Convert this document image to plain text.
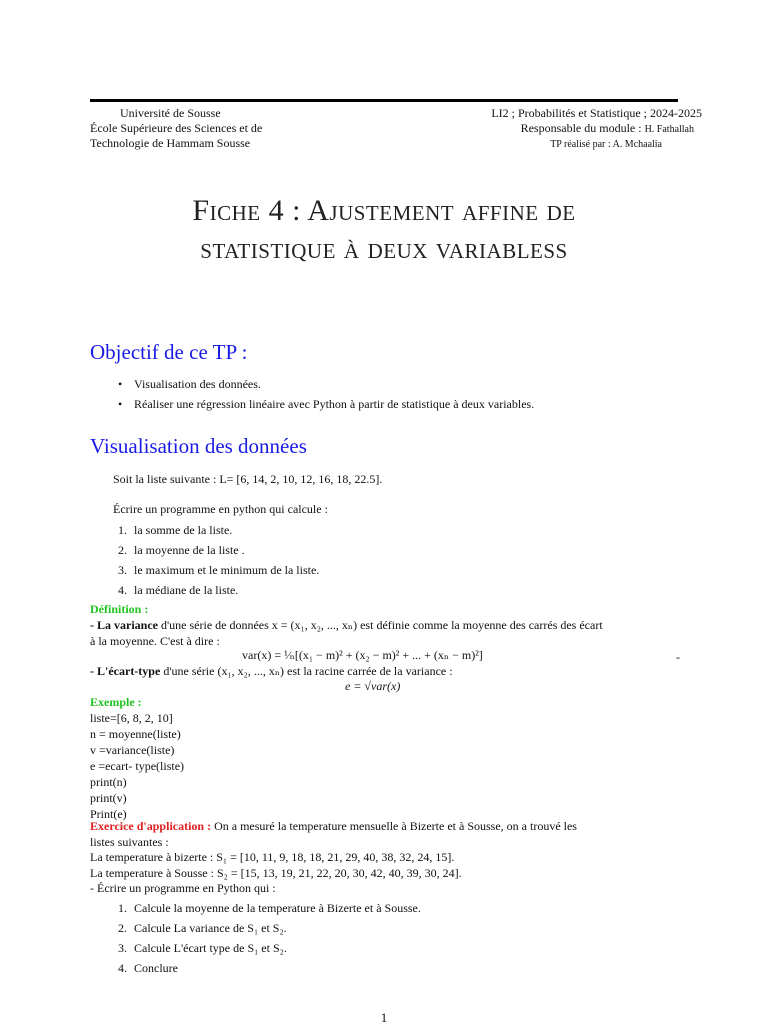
Université de Sousse
École Supérieure des Sciences et de
Technologie de Hammam Sousse
LI2 ; Probabilités et Statistique ; 2024-2025
Responsable du module : H. Fathallah
TP réalisé par : A. Mchaalia
Fiche 4 : Ajustement affine de
statistique à deux variabless
Objectif de ce TP :
• Visualisation des données.
• Réaliser une régression linéaire avec Python à partir de statistique à deux variables.
Visualisation des données
Soit la liste suivante : L= [6, 14, 2, 10, 12, 16, 18, 22.5].
Écrire un programme en python qui calcule :
1. la somme de la liste.
2. la moyenne de la liste .
3. le maximum et le minimum de la liste.
4. la médiane de la liste.
Définition :
- La variance d'une série de données x = (x₁, x₂, ..., xₙ) est définie comme la moyenne des carrés des écart
à la moyenne. C'est à dire :
var(x) = ¹⁄ₙ[(x₁ − m)² + (x₂ − m)² + ... + (xₙ − m)²]	-
- L'écart-type d'une série (x₁, x₂, ..., xₙ) est la racine carrée de la variance :
e = √var(x)
Exemple :
liste=[6, 8, 2, 10]
n = moyenne(liste)
v =variance(liste)
e =ecart- type(liste)
print(n)
print(v)
Print(e)
Exercice d'application : On a mesuré la temperature mensuelle à Bizerte et à Sousse, on a trouvé les
listes suivantes :
La temperature à bizerte : S₁ = [10, 11, 9, 18, 18, 21, 29, 40, 38, 32, 24, 15].
La temperature à Sousse : S₂ = [15, 13, 19, 21, 22, 20, 30, 42, 40, 39, 30, 24].
- Écrire un programme en Python qui :
1. Calcule la moyenne de la temperature à Bizerte et à Sousse.
2. Calcule La variance de S₁ et S₂.
3. Calcule L'écart type de S₁ et S₂.
4. Conclure
1
